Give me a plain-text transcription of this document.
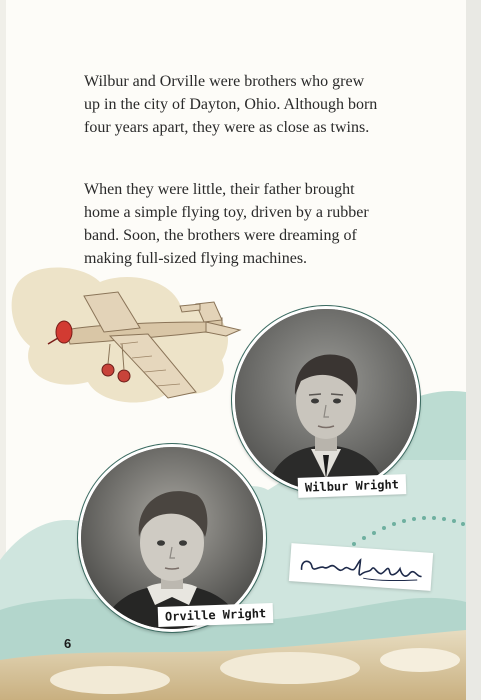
Wilbur and Orville were brothers who grew up in the city of Dayton, Ohio. Although born four years apart, they were as close as twins.

When they were little, their father brought home a simple flying toy, driven by a rubber band. Soon, the brothers were dreaming of making full-sized flying machines.

Wilbur Wright
Orville Wright
6
